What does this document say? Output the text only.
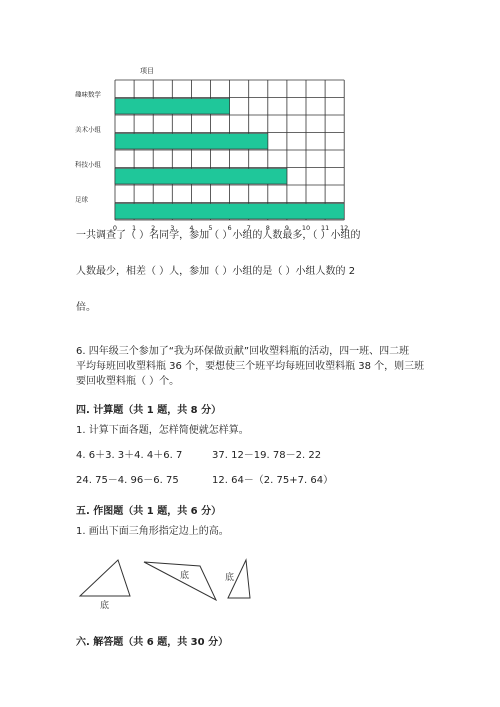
趣味数学
美术小组
科技小组
足球
0 1 2 3 4 5 6 7 8 9 10 11 12
项目
一共调查了（ ）名同学，参加（ ）小组的人数最多，（ ）小组的
人数最少，相差（ ）人，参加（ ）小组的是（ ）小组人数的 2
倍。
6. 四年级三个参加了“我为环保做贡献”回收塑料瓶的活动，四一班、四二班
平均每班回收塑料瓶 36 个，要想使三个班平均每班回收塑料瓶 38 个，则三班
要回收塑料瓶（ ）个。
四. 计算题（共 1 题，共 8 分）
1. 计算下面各题，怎样简便就怎样算。
4. 6＋3. 3＋4. 4＋6. 7	37. 12－19. 78－2. 22
24. 75－4. 96－6. 75	12. 64－（2. 75+7. 64）
五. 作图题（共 1 题，共 6 分）
1. 画出下面三角形指定边上的高。
底
底	底
六. 解答题（共 6 题，共 30 分）
